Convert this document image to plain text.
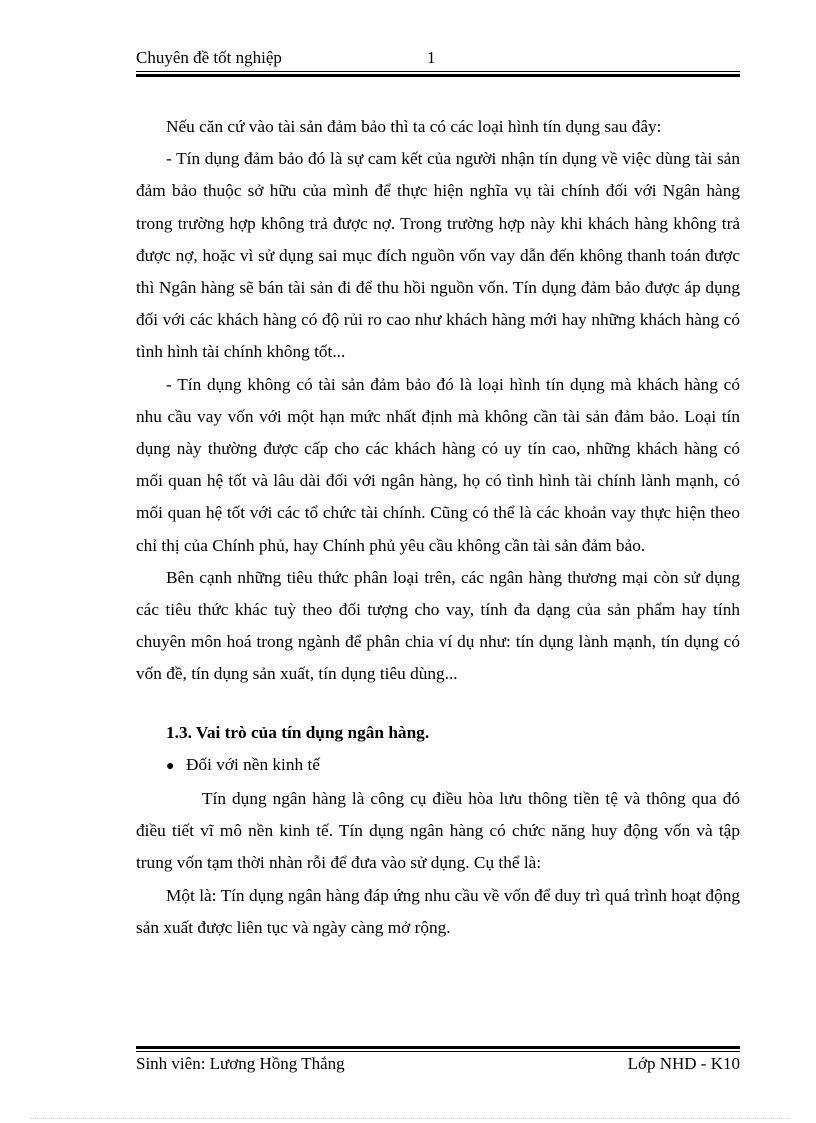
Chuyên đề tốt nghiệp	1

Nếu căn cứ vào tài sản đảm bảo thì ta có các loại hình tín dụng sau đây:

- Tín dụng đảm bảo đó là sự cam kết của người nhận tín dụng về việc dùng tài sản đảm bảo thuộc sở hữu của mình để thực hiện nghĩa vụ tài chính đối với Ngân hàng trong trường hợp không trả được nợ. Trong trường hợp này khi khách hàng không trả được nợ, hoặc vì sử dụng sai mục đích nguồn vốn vay dẫn đến không thanh toán được thì Ngân hàng sẽ bán tài sản đi để thu hồi nguồn vốn. Tín dụng đảm bảo được áp dụng đối với các khách hàng có độ rủi ro cao như khách hàng mới hay những khách hàng có tình hình tài chính không tốt...

- Tín dụng không có tài sản đảm bảo đó là loại hình tín dụng mà khách hàng có nhu cầu vay vốn với một hạn mức nhất định mà không cần tài sản đảm bảo. Loại tín dụng này thường được cấp cho các khách hàng có uy tín cao, những khách hàng có mối quan hệ tốt và lâu dài đối với ngân hàng, họ có tình hình tài chính lành mạnh, có mối quan hệ tốt với các tổ chức tài chính. Cũng có thể là các khoản vay thực hiện theo chỉ thị của Chính phủ, hay Chính phủ yêu cầu không cần tài sản đảm bảo.

Bên cạnh những tiêu thức phân loại trên, các ngân hàng thương mại còn sử dụng các tiêu thức khác tuỳ theo đối tượng cho vay, tính đa dạng của sản phẩm hay tính chuyên môn hoá trong ngành để phân chia ví dụ như: tín dụng lành mạnh, tín dụng có vốn đề, tín dụng sản xuất, tín dụng tiêu dùng...

1.3. Vai trò của tín dụng ngân hàng.

● Đối với nền kinh tế

Tín dụng ngân hàng là công cụ điều hòa lưu thông tiền tệ và thông qua đó điều tiết vĩ mô nền kinh tế. Tín dụng ngân hàng có chức năng huy động vốn và tập trung vốn tạm thời nhàn rỗi để đưa vào sử dụng. Cụ thể là:

Một là: Tín dụng ngân hàng đáp ứng nhu cầu về vốn để duy trì quá trình hoạt động sản xuất được liên tục và ngày càng mở rộng.

Sinh viên: Lương Hồng Thắng	Lớp NHD - K10
